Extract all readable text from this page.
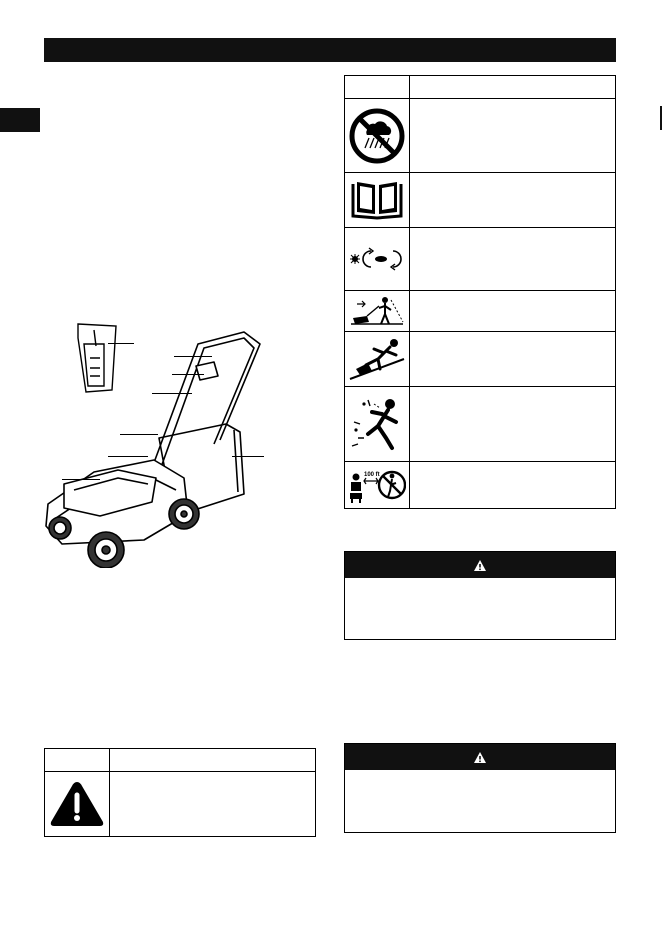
100 ft
